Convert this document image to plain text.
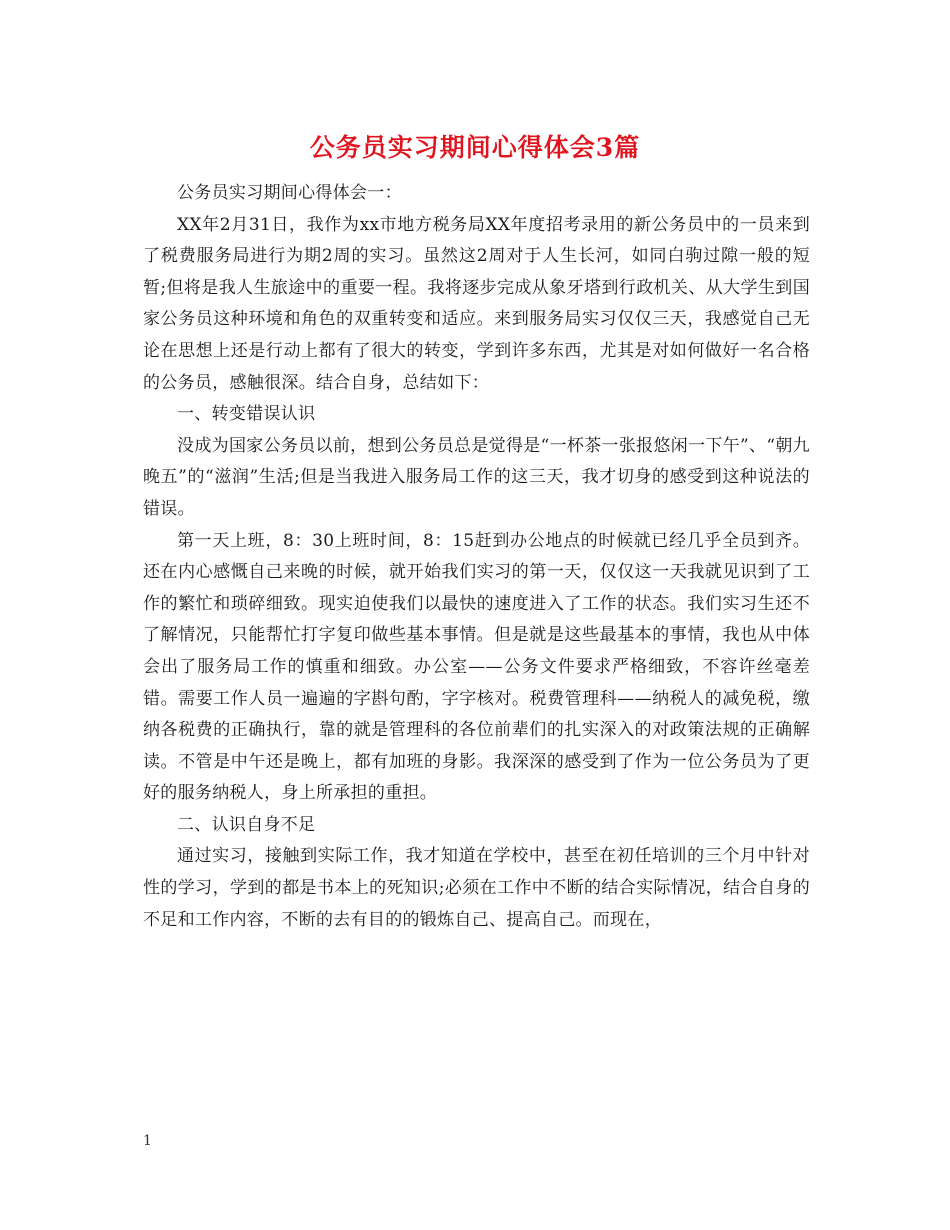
公务员实习期间心得体会3篇

公务员实习期间心得体会一：

XX年2月31日，我作为xx市地方税务局XX年度招考录用的新公务员中的一员来到了税费服务局进行为期2周的实习。虽然这2周对于人生长河，如同白驹过隙一般的短暂;但将是我人生旅途中的重要一程。我将逐步完成从象牙塔到行政机关、从大学生到国家公务员这种环境和角色的双重转变和适应。来到服务局实习仅仅三天，我感觉自己无论在思想上还是行动上都有了很大的转变，学到许多东西，尤其是对如何做好一名合格的公务员，感触很深。结合自身，总结如下：

一、转变错误认识

没成为国家公务员以前，想到公务员总是觉得是“一杯茶一张报悠闲一下午”、“朝九晚五”的“滋润”生活;但是当我进入服务局工作的这三天，我才切身的感受到这种说法的错误。

第一天上班，8：30上班时间，8：15赶到办公地点的时候就已经几乎全员到齐。还在内心感慨自己来晚的时候，就开始我们实习的第一天，仅仅这一天我就见识到了工作的繁忙和琐碎细致。现实迫使我们以最快的速度进入了工作的状态。我们实习生还不了解情况，只能帮忙打字复印做些基本事情。但是就是这些最基本的事情，我也从中体会出了服务局工作的慎重和细致。办公室——公务文件要求严格细致，不容许丝毫差错。需要工作人员一遍遍的字斟句酌，字字核对。税费管理科——纳税人的减免税，缴纳各税费的正确执行，靠的就是管理科的各位前辈们的扎实深入的对政策法规的正确解读。不管是中午还是晚上，都有加班的身影。我深深的感受到了作为一位公务员为了更好的服务纳税人，身上所承担的重担。

二、认识自身不足

通过实习，接触到实际工作，我才知道在学校中，甚至在初任培训的三个月中针对性的学习，学到的都是书本上的死知识;必须在工作中不断的结合实际情况，结合自身的不足和工作内容，不断的去有目的的锻炼自己、提高自己。而现在，

1
